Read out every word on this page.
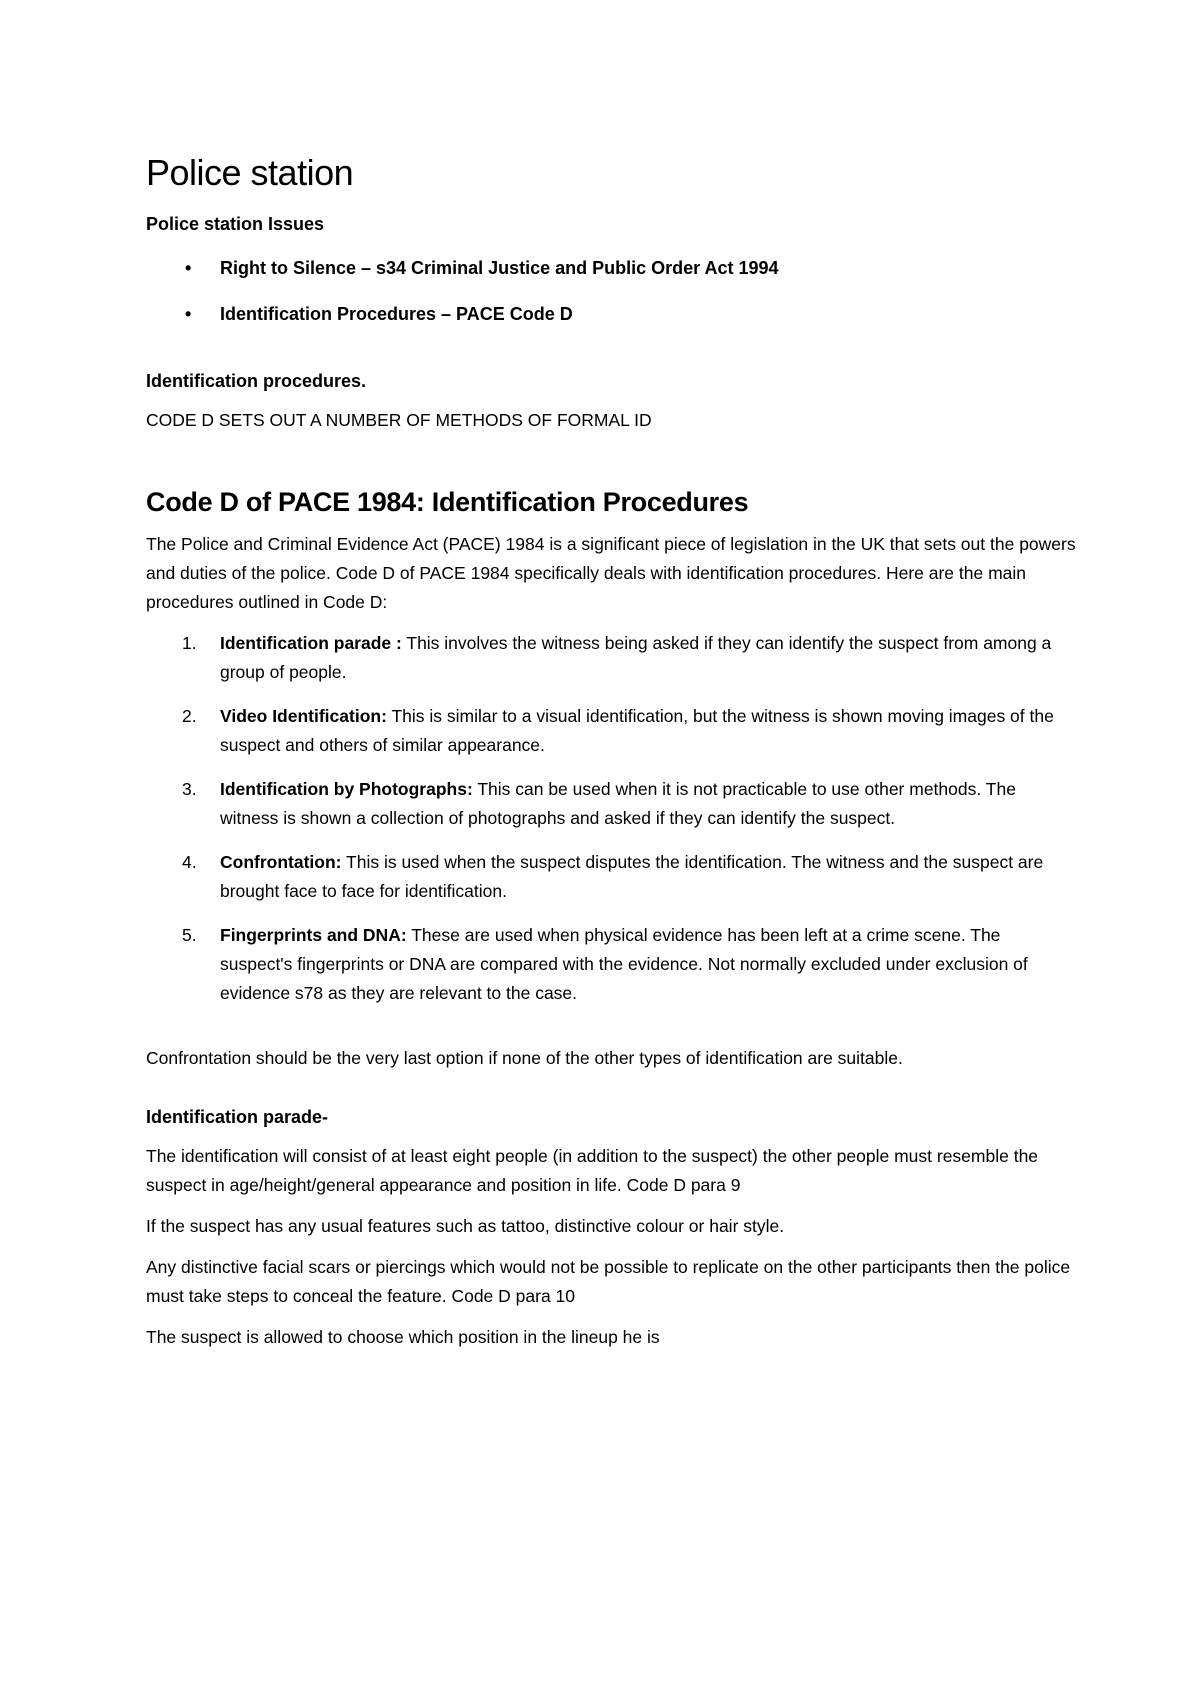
Police station

Police station Issues

• Right to Silence – s34 Criminal Justice and Public Order Act 1994
• Identification Procedures – PACE Code D

Identification procedures.

CODE D SETS OUT A NUMBER OF METHODS OF FORMAL ID

Code D of PACE 1984: Identification Procedures

The Police and Criminal Evidence Act (PACE) 1984 is a significant piece of legislation in the UK that sets out the powers and duties of the police. Code D of PACE 1984 specifically deals with identification procedures. Here are the main procedures outlined in Code D:

1. Identification parade : This involves the witness being asked if they can identify the suspect from among a group of people.
2. Video Identification: This is similar to a visual identification, but the witness is shown moving images of the suspect and others of similar appearance.
3. Identification by Photographs: This can be used when it is not practicable to use other methods. The witness is shown a collection of photographs and asked if they can identify the suspect.
4. Confrontation: This is used when the suspect disputes the identification. The witness and the suspect are brought face to face for identification.
5. Fingerprints and DNA: These are used when physical evidence has been left at a crime scene. The suspect's fingerprints or DNA are compared with the evidence. Not normally excluded under exclusion of evidence s78 as they are relevant to the case.

Confrontation should be the very last option if none of the other types of identification are suitable.

Identification parade-

The identification will consist of at least eight people (in addition to the suspect) the other people must resemble the suspect in age/height/general appearance and position in life. Code D para 9

If the suspect has any usual features such as tattoo, distinctive colour or hair style.

Any distinctive facial scars or piercings which would not be possible to replicate on the other participants then the police must take steps to conceal the feature. Code D para 10

The suspect is allowed to choose which position in the lineup he is
